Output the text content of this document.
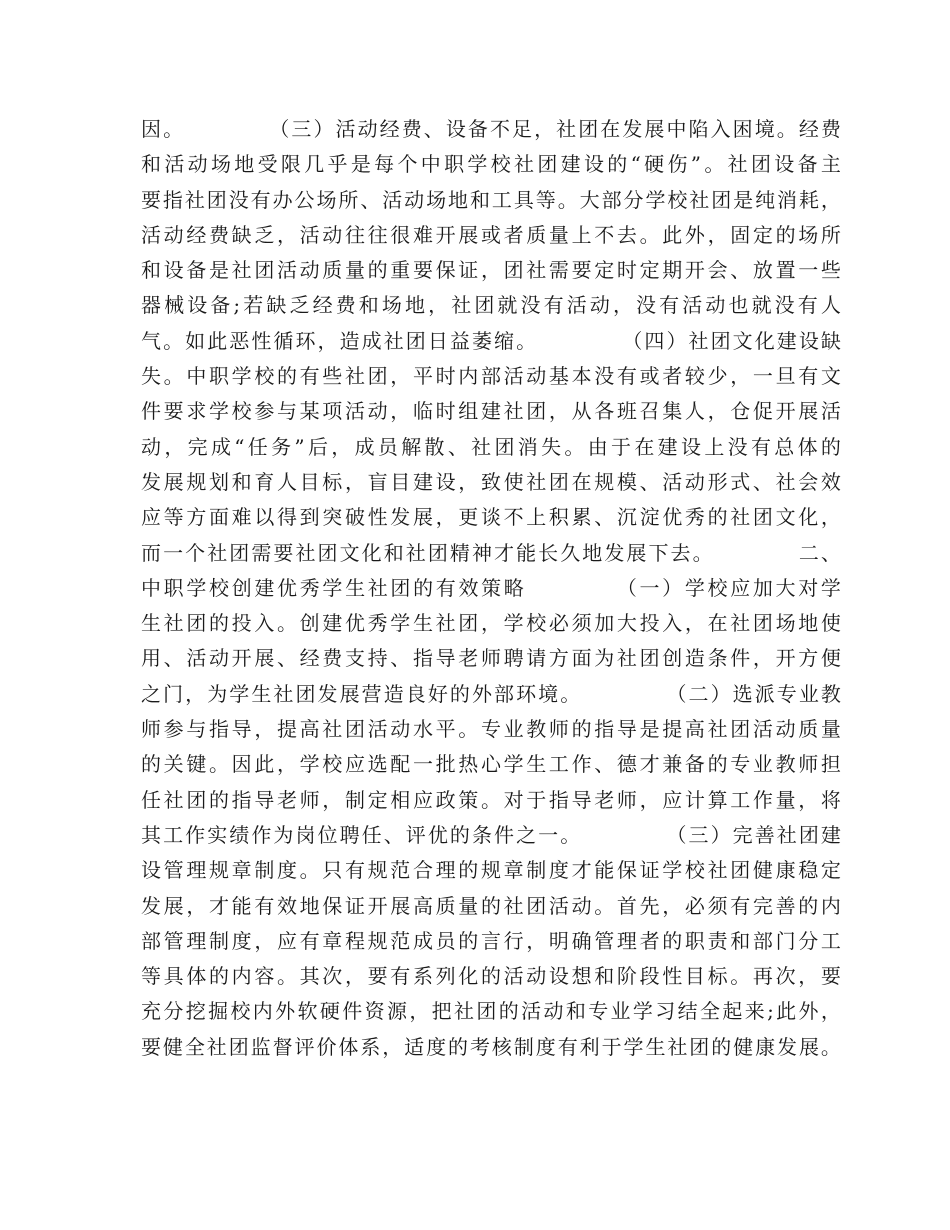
因。          （三）活动经费、设备不足，社团在发展中陷入困境。经费
和活动场地受限几乎是每个中职学校社团建设的“硬伤”。社团设备主
要指社团没有办公场所、活动场地和工具等。大部分学校社团是纯消耗，
活动经费缺乏，活动往往很难开展或者质量上不去。此外，固定的场所
和设备是社团活动质量的重要保证，团社需要定时定期开会、放置一些
器械设备;若缺乏经费和场地，社团就没有活动，没有活动也就没有人
气。如此恶性循环，造成社团日益萎缩。          （四）社团文化建设缺
失。中职学校的有些社团，平时内部活动基本没有或者较少，一旦有文
件要求学校参与某项活动，临时组建社团，从各班召集人，仓促开展活
动，完成“任务”后，成员解散、社团消失。由于在建设上没有总体的
发展规划和育人目标，盲目建设，致使社团在规模、活动形式、社会效
应等方面难以得到突破性发展，更谈不上积累、沉淀优秀的社团文化，
而一个社团需要社团文化和社团精神才能长久地发展下去。          二、
中职学校创建优秀学生社团的有效策略          （一）学校应加大对学
生社团的投入。创建优秀学生社团，学校必须加大投入，在社团场地使
用、活动开展、经费支持、指导老师聘请方面为社团创造条件，开方便
之门，为学生社团发展营造良好的外部环境。          （二）选派专业教
师参与指导，提高社团活动水平。专业教师的指导是提高社团活动质量
的关键。因此，学校应选配一批热心学生工作、德才兼备的专业教师担
任社团的指导老师，制定相应政策。对于指导老师，应计算工作量，将
其工作实绩作为岗位聘任、评优的条件之一。          （三）完善社团建
设管理规章制度。只有规范合理的规章制度才能保证学校社团健康稳定
发展，才能有效地保证开展高质量的社团活动。首先，必须有完善的内
部管理制度，应有章程规范成员的言行，明确管理者的职责和部门分工
等具体的内容。其次，要有系列化的活动设想和阶段性目标。再次，要
充分挖掘校内外软硬件资源，把社团的活动和专业学习结全起来;此外，
要健全社团监督评价体系，适度的考核制度有利于学生社团的健康发展。
